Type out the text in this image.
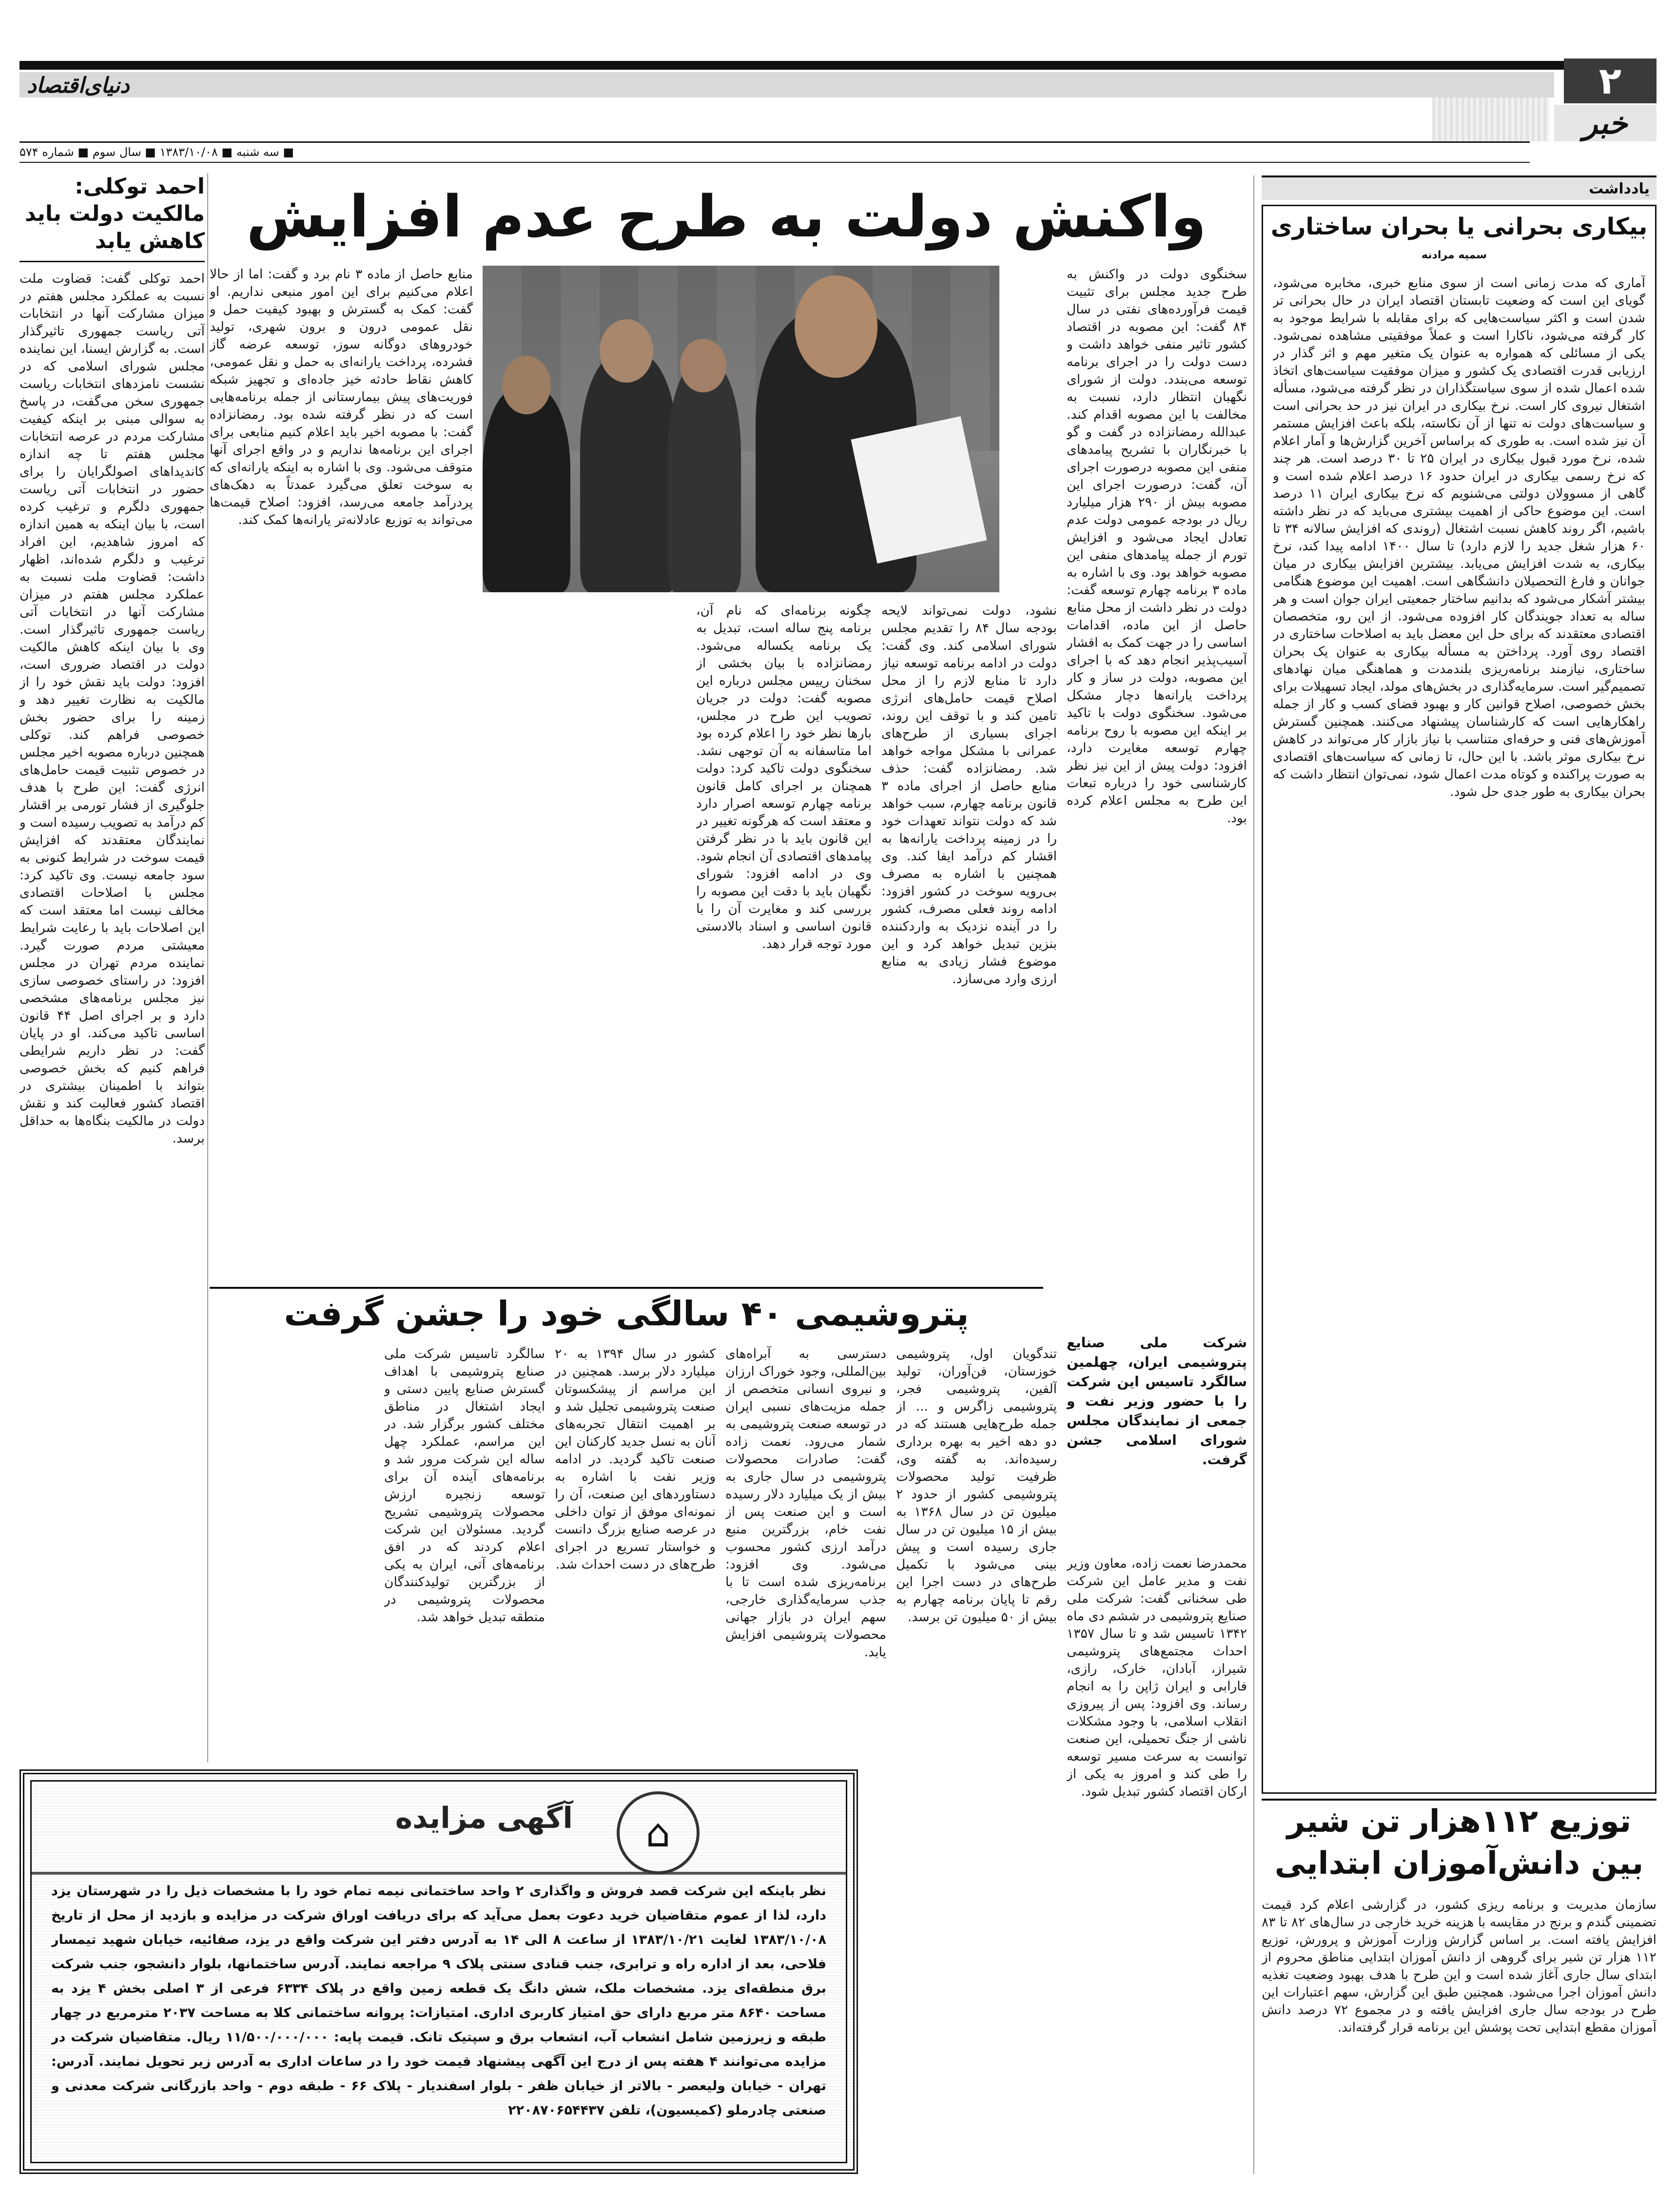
۲
خبر
دنیای‌اقتصاد
■ سه شنبه ■ ۱۳۸۳/۱۰/۰۸ ■ سال سوم ■ شماره ۵۷۴
یادداشت
بیکاری بحرانی یا بحران ساختاری
سمیه مرادنه
آماری که مدت زمانی است از سوی منابع خبری، مخابره می‌شود، گویای این است که وضعیت تابستان اقتصاد ایران در حال بحرانی تر شدن است و اکثر سیاست‌هایی که برای مقابله با شرایط موجود به کار گرفته می‌شود، ناکارا است و عملاً موفقیتی مشاهده نمی‌شود. یکی از مسائلی که همواره به عنوان یک متغیر مهم و اثر گذار در ارزیابی قدرت اقتصادی یک کشور و میزان موفقیت سیاست‌های اتخاذ شده اعمال شده از سوی سیاستگذاران در نظر گرفته می‌شود، مسأله اشتغال نیروی کار است. نرخ بیکاری در ایران نیز در حد بحرانی است و سیاست‌های دولت نه تنها از آن نکاسته، بلکه باعث افزایش مستمر آن نیز شده است. به طوری که براساس آخرین گزارش‌ها و آمار اعلام شده، نرخ مورد قبول بیکاری در ایران ۲۵ تا ۳۰ درصد است. هر چند که نرخ رسمی بیکاری در ایران حدود ۱۶ درصد اعلام شده است و گاهی از مسوولان دولتی می‌شنویم که نرخ بیکاری ایران ۱۱ درصد است. این موضوع حاکی از اهمیت بیشتری می‌باید که در نظر داشته باشیم، اگر روند کاهش نسبت اشتغال (روندی که افزایش سالانه ۳۴ تا ۶۰ هزار شغل جدید را لازم دارد) تا سال ۱۴۰۰ ادامه پیدا کند، نرخ بیکاری، به شدت افزایش می‌یابد. بیشترین افزایش بیکاری در میان جوانان و فارغ التحصیلان دانشگاهی است. اهمیت این موضوع هنگامی بیشتر آشکار می‌شود که بدانیم ساختار جمعیتی ایران جوان است و هر ساله به تعداد جویندگان کار افزوده می‌شود. از این رو، متخصصان اقتصادی معتقدند که برای حل این معضل باید به اصلاحات ساختاری در اقتصاد روی آورد. پرداختن به مسأله بیکاری به عنوان یک بحران ساختاری، نیازمند برنامه‌ریزی بلندمدت و هماهنگی میان نهادهای تصمیم‌گیر است. سرمایه‌گذاری در بخش‌های مولد، ایجاد تسهیلات برای بخش خصوصی، اصلاح قوانین کار و بهبود فضای کسب و کار از جمله راهکارهایی است که کارشناسان پیشنهاد می‌کنند. همچنین گسترش آموزش‌های فنی و حرفه‌ای متناسب با نیاز بازار کار می‌تواند در کاهش نرخ بیکاری موثر باشد. با این حال، تا زمانی که سیاست‌های اقتصادی به صورت پراکنده و کوتاه مدت اعمال شود، نمی‌توان انتظار داشت که بحران بیکاری به طور جدی حل شود.
توزیع ۱۱۲هزار تن شیر
بین دانش‌آموزان ابتدایی
سازمان مدیریت و برنامه ریزی کشور، در گزارشی اعلام کرد قیمت تضمینی گندم و برنج در مقایسه با هزینه خرید خارجی در سال‌های ۸۲ تا ۸۳ افزایش یافته است. بر اساس گزارش وزارت آموزش و پرورش، توزیع ۱۱۲ هزار تن شیر برای گروهی از دانش آموزان ابتدایی مناطق محروم از ابتدای سال جاری آغاز شده است و این طرح با هدف بهبود وضعیت تغذیه دانش آموزان اجرا می‌شود. همچنین طبق این گزارش، سهم اعتبارات این طرح در بودجه سال جاری افزایش یافته و در مجموع ۷۲ درصد دانش آموزان مقطع ابتدایی تحت پوشش این برنامه قرار گرفته‌اند.
واکنش دولت به طرح عدم افزایش
سخنگوی دولت در واکنش به طرح جدید مجلس برای تثبیت قیمت فرآورده‌های نفتی در سال ۸۴ گفت: این مصوبه در اقتصاد کشور تاثیر منفی خواهد داشت و دست دولت را در اجرای برنامه توسعه می‌بندد. دولت از شورای نگهبان انتظار دارد، نسبت به مخالفت با این مصوبه اقدام کند. عبدالله رمضانزاده در گفت و گو با خبرنگاران با تشریح پیامدهای منفی این مصوبه درصورت اجرای آن، گفت: درصورت اجرای این مصوبه بیش از ۲۹۰ هزار میلیارد ریال در بودجه عمومی دولت عدم تعادل ایجاد می‌شود و افزایش تورم از جمله پیامدهای منفی این مصوبه خواهد بود. وی با اشاره به ماده ۳ برنامه چهارم توسعه گفت: دولت در نظر داشت از محل منابع حاصل از این ماده، اقدامات اساسی را در جهت کمک به اقشار آسیب‌پذیر انجام دهد که با اجرای این مصوبه، دولت در ساز و کار پرداخت یارانه‌ها دچار مشکل می‌شود. سخنگوی دولت با تاکید بر اینکه این مصوبه با روح برنامه چهارم توسعه مغایرت دارد، افزود: دولت پیش از این نیز نظر کارشناسی خود را درباره تبعات این طرح به مجلس اعلام کرده بود.
منابع حاصل از ماده ۳ نام برد و گفت: اما از حالا اعلام می‌کنیم برای این امور منبعی نداریم. او گفت: کمک به گسترش و بهبود کیفیت حمل و نقل عمومی درون و برون شهری، تولید خودروهای دوگانه سوز، توسعه عرضه گاز فشرده، پرداخت یارانه‌ای به حمل و نقل عمومی، کاهش نقاط حادثه خیز جاده‌ای و تجهیز شبکه فوریت‌های پیش بیمارستانی از جمله برنامه‌هایی است که در نظر گرفته شده بود. رمضانزاده گفت: با مصوبه اخیر باید اعلام کنیم منابعی برای اجرای این برنامه‌ها نداریم و در واقع اجرای آنها متوقف می‌شود. وی با اشاره به اینکه یارانه‌ای که به سوخت تعلق می‌گیرد عمدتاً به دهک‌های پردرآمد جامعه می‌رسد، افزود: اصلاح قیمت‌ها می‌تواند به توزیع عادلانه‌تر یارانه‌ها کمک کند.
نشود، دولت نمی‌تواند لایحه بودجه سال ۸۴ را تقدیم مجلس شورای اسلامی کند. وی گفت: دولت در ادامه برنامه توسعه نیاز دارد تا منابع لازم را از محل اصلاح قیمت حامل‌های انرژی تامین کند و با توقف این روند، اجرای بسیاری از طرح‌های عمرانی با مشکل مواجه خواهد شد. رمضانزاده گفت: حذف منابع حاصل از اجرای ماده ۳ قانون برنامه چهارم، سبب خواهد شد که دولت نتواند تعهدات خود را در زمینه پرداخت یارانه‌ها به اقشار کم درآمد ایفا کند. وی همچنین با اشاره به مصرف بی‌رویه سوخت در کشور افزود: ادامه روند فعلی مصرف، کشور را در آینده نزدیک به واردکننده بنزین تبدیل خواهد کرد و این موضوع فشار زیادی به منابع ارزی وارد می‌سازد.
چگونه برنامه‌ای که نام آن، برنامه پنج ساله است، تبدیل به یک برنامه یکساله می‌شود. رمضانزاده با بیان بخشی از سخنان رییس مجلس درباره این مصوبه گفت: دولت در جریان تصویب این طرح در مجلس، بارها نظر خود را اعلام کرده بود اما متاسفانه به آن توجهی نشد. سخنگوی دولت تاکید کرد: دولت همچنان بر اجرای کامل قانون برنامه چهارم توسعه اصرار دارد و معتقد است که هرگونه تغییر در این قانون باید با در نظر گرفتن پیامدهای اقتصادی آن انجام شود. وی در ادامه افزود: شورای نگهبان باید با دقت این مصوبه را بررسی کند و مغایرت آن را با قانون اساسی و اسناد بالادستی مورد توجه قرار دهد.
احمد توکلی: مالکیت دولت باید کاهش یابد
احمد توکلی گفت: قضاوت ملت نسبت به عملکرد مجلس هفتم در میزان مشارکت آنها در انتخابات آتی ریاست جمهوری تاثیرگذار است. به گزارش ایسنا، این نماینده مجلس شورای اسلامی که در نشست نامزدهای انتخابات ریاست جمهوری سخن می‌گفت، در پاسخ به سوالی مبنی بر اینکه کیفیت مشارکت مردم در عرصه انتخابات مجلس هفتم تا چه اندازه کاندیداهای اصولگرایان را برای حضور در انتخابات آتی ریاست جمهوری دلگرم و ترغیب کرده است، با بیان اینکه به همین اندازه که امروز شاهدیم، این افراد ترغیب و دلگرم شده‌اند، اظهار داشت: قضاوت ملت نسبت به عملکرد مجلس هفتم در میزان مشارکت آنها در انتخابات آتی ریاست جمهوری تاثیرگذار است. وی با بیان اینکه کاهش مالکیت دولت در اقتصاد ضروری است، افزود: دولت باید نقش خود را از مالکیت به نظارت تغییر دهد و زمینه را برای حضور بخش خصوصی فراهم کند. توکلی همچنین درباره مصوبه اخیر مجلس در خصوص تثبیت قیمت حامل‌های انرژی گفت: این طرح با هدف جلوگیری از فشار تورمی بر اقشار کم درآمد به تصویب رسیده است و نمایندگان معتقدند که افزایش قیمت سوخت در شرایط کنونی به سود جامعه نیست. وی تاکید کرد: مجلس با اصلاحات اقتصادی مخالف نیست اما معتقد است که این اصلاحات باید با رعایت شرایط معیشتی مردم صورت گیرد. نماینده مردم تهران در مجلس افزود: در راستای خصوصی سازی نیز مجلس برنامه‌های مشخصی دارد و بر اجرای اصل ۴۴ قانون اساسی تاکید می‌کند. او در پایان گفت: در نظر داریم شرایطی فراهم کنیم که بخش خصوصی بتواند با اطمینان بیشتری در اقتصاد کشور فعالیت کند و نقش دولت در مالکیت بنگاه‌ها به حداقل برسد.
پتروشیمی ۴۰ سالگی خود را جشن گرفت
شرکت ملی صنایع پتروشیمی ایران، چهلمین سالگرد تاسیس این شرکت را با حضور وزیر نفت و جمعی از نمایندگان مجلس شورای اسلامی جشن گرفت.
محمدرضا نعمت زاده، معاون وزیر نفت و مدیر عامل این شرکت طی سخنانی گفت: شرکت ملی صنایع پتروشیمی در ششم دی ماه ۱۳۴۲ تاسیس شد و تا سال ۱۳۵۷ احداث مجتمع‌های پتروشیمی شیراز، آبادان، خارک، رازی، فارابی و ایران ژاپن را به انجام رساند. وی افزود: پس از پیروزی انقلاب اسلامی، با وجود مشکلات ناشی از جنگ تحمیلی، این صنعت توانست به سرعت مسیر توسعه را طی کند و امروز به یکی از ارکان اقتصاد کشور تبدیل شود.
تندگویان اول، پتروشیمی خوزستان، فن‌آوران، تولید آلفین، پتروشیمی فجر، پتروشیمی زاگرس و ... از جمله طرح‌هایی هستند که در دو دهه اخیر به بهره برداری رسیده‌اند. به گفته وی، ظرفیت تولید محصولات پتروشیمی کشور از حدود ۲ میلیون تن در سال ۱۳۶۸ به بیش از ۱۵ میلیون تن در سال جاری رسیده است و پیش بینی می‌شود با تکمیل طرح‌های در دست اجرا این رقم تا پایان برنامه چهارم به بیش از ۵۰ میلیون تن برسد.
دسترسی به آبراه‌های بین‌المللی، وجود خوراک ارزان و نیروی انسانی متخصص از جمله مزیت‌های نسبی ایران در توسعه صنعت پتروشیمی به شمار می‌رود. نعمت زاده گفت: صادرات محصولات پتروشیمی در سال جاری به بیش از یک میلیارد دلار رسیده است و این صنعت پس از نفت خام، بزرگترین منبع درآمد ارزی کشور محسوب می‌شود. وی افزود: برنامه‌ریزی شده است تا با جذب سرمایه‌گذاری خارجی، سهم ایران در بازار جهانی محصولات پتروشیمی افزایش یابد.
کشور در سال ۱۳۹۴ به ۲۰ میلیارد دلار برسد. همچنین در این مراسم از پیشکسوتان صنعت پتروشیمی تجلیل شد و بر اهمیت انتقال تجربه‌های آنان به نسل جدید کارکنان این صنعت تاکید گردید. در ادامه وزیر نفت با اشاره به دستاوردهای این صنعت، آن را نمونه‌ای موفق از توان داخلی در عرصه صنایع بزرگ دانست و خواستار تسریع در اجرای طرح‌های در دست احداث شد.
سالگرد تاسیس شرکت ملی صنایع پتروشیمی با اهداف گسترش صنایع پایین دستی و ایجاد اشتغال در مناطق مختلف کشور برگزار شد. در این مراسم، عملکرد چهل ساله این شرکت مرور شد و برنامه‌های آینده آن برای توسعه زنجیره ارزش محصولات پتروشیمی تشریح گردید. مسئولان این شرکت اعلام کردند که در افق برنامه‌های آتی، ایران به یکی از بزرگترین تولیدکنندگان محصولات پتروشیمی در منطقه تبدیل خواهد شد.
آگهی مزایده	⌂
نظر باینکه این شرکت قصد فروش و واگذاری ۲ واحد ساختمانی نیمه تمام خود را با مشخصات ذیل را در شهرستان یزد دارد، لذا از عموم متقاضیان خرید دعوت بعمل می‌آید که برای دریافت اوراق شرکت در مزایده و بازدید از محل از تاریخ ۱۳۸۳/۱۰/۰۸ لغایت ۱۳۸۳/۱۰/۲۱ از ساعت ۸ الی ۱۴ به آدرس دفتر این شرکت واقع در یزد، صفائیه، خیابان شهید تیمسار فلاحی، بعد از اداره راه و ترابری، جنب قنادی سنتی پلاک ۹ مراجعه نمایند. آدرس ساختمانها، بلوار دانشجو، جنب شرکت برق منطقه‌ای یزد. مشخصات ملک، شش دانگ یک قطعه زمین واقع در پلاک ۶۳۳۴ فرعی از ۳ اصلی بخش ۴ یزد به مساحت ۸۶۴۰ متر مربع دارای حق امتیاز کاربری اداری. امتیازات: پروانه ساختمانی کلا به مساحت ۲۰۳۷ مترمربع در چهار طبقه و زیرزمین شامل انشعاب آب، انشعاب برق و سپتیک تانک. قیمت پایه: ۱۱/۵۰۰/۰۰۰/۰۰۰ ریال. متقاضیان شرکت در مزایده می‌توانند ۴ هفته پس از درج این آگهی پیشنهاد قیمت خود را در ساعات اداری به آدرس زیر تحویل نمایند. آدرس: تهران - خیابان ولیعصر - بالاتر از خیابان ظفر - بلوار اسفندیار - پلاک ۶۶ - طبقه دوم - واحد بازرگانی شرکت معدنی و صنعتی چادرملو (کمیسیون)، تلفن ۲۲۰۸۷۰۶۵۴۴۳۷
